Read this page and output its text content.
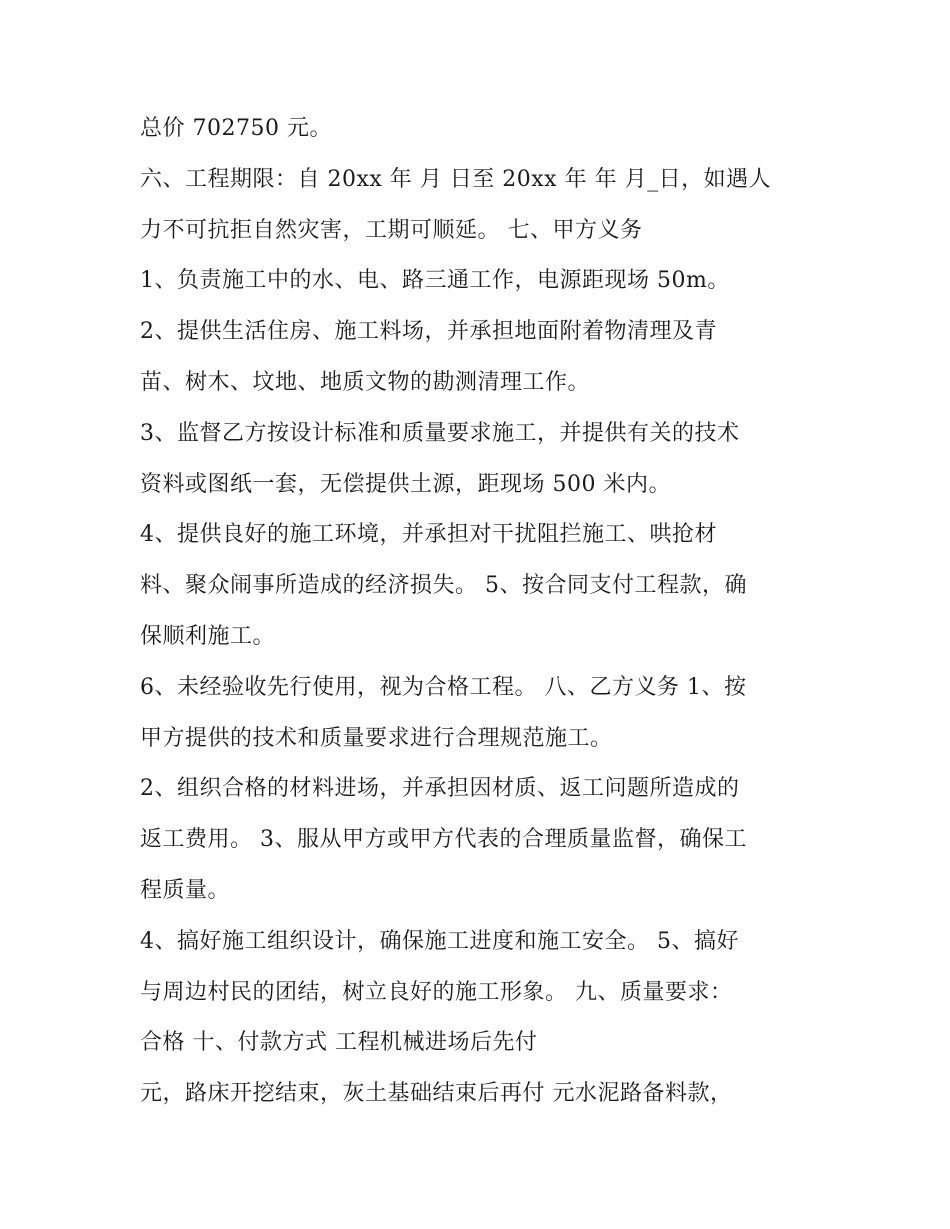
总价 702750 元。
六、工程期限：自 20xx 年 月 日至 20xx 年 年 月_日，如遇人
力不可抗拒自然灾害，工期可顺延。 七、甲方义务
1、负责施工中的水、电、路三通工作，电源距现场 50m。
2、提供生活住房、施工料场，并承担地面附着物清理及青
苗、树木、坟地、地质文物的勘测清理工作。
3、监督乙方按设计标准和质量要求施工，并提供有关的技术
资料或图纸一套，无偿提供土源，距现场 500 米内。
4、提供良好的施工环境，并承担对干扰阻拦施工、哄抢材
料、聚众闹事所造成的经济损失。 5、按合同支付工程款，确
保顺利施工。
6、未经验收先行使用，视为合格工程。 八、乙方义务 1、按
甲方提供的技术和质量要求进行合理规范施工。
2、组织合格的材料进场，并承担因材质、返工问题所造成的
返工费用。 3、服从甲方或甲方代表的合理质量监督，确保工
程质量。
4、搞好施工组织设计，确保施工进度和施工安全。 5、搞好
与周边村民的团结，树立良好的施工形象。 九、质量要求：
合格 十、付款方式 工程机械进场后先付
元，路床开挖结束，灰土基础结束后再付 元水泥路备料款，
